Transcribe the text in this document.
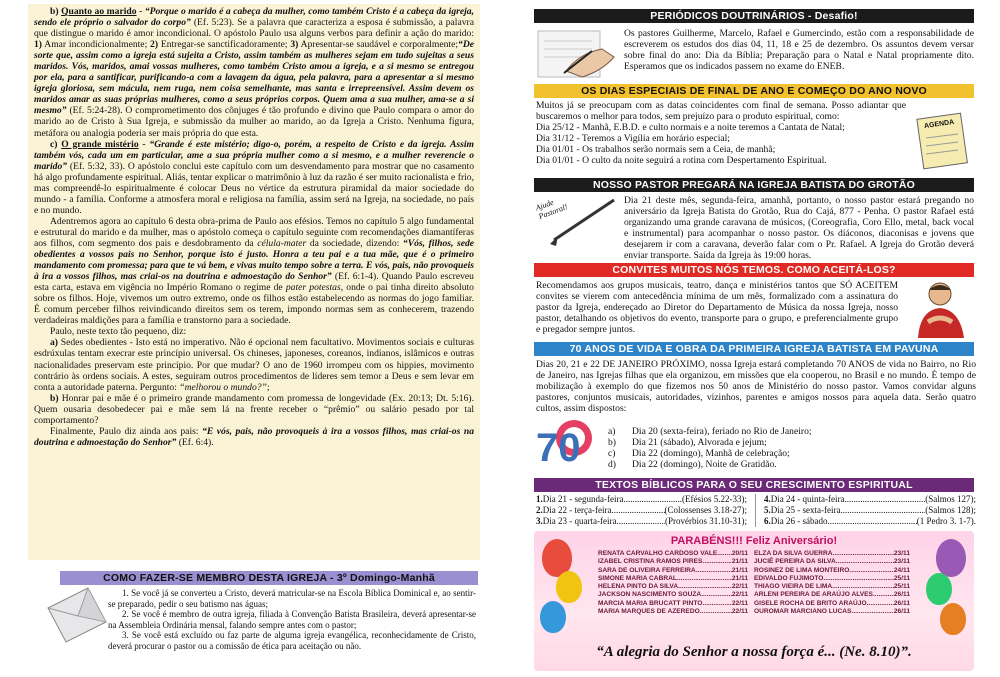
b) Quanto ao marido - “Porque o marido é a cabeça da mulher, como também Cristo é a cabeça da igreja, sendo ele próprio o salvador do corpo” (Ef. 5:23). Se a palavra que caracteriza a esposa é submissão, a palavra que distingue o marido é amor incondicional. O apóstolo Paulo usa alguns verbos para definir a ação do marido: 1) Amar incondicionalmente; 2) Entregar-se sanctificadoramente; 3) Apresentar-se saudável e corporalmente;“De sorte que, assim como a igreja está sujeita a Cristo, assim também as mulheres sejam em tudo sujeitas a seus maridos. Vós, maridos, amai vossas mulheres, como também Cristo amou a igreja, e a si mesmo se entregou por ela, para a santificar, purificando-a com a lavagem da água, pela palavra, para a apresentar a si mesmo igreja gloriosa, sem mácula, nem ruga, nem coisa semelhante, mas santa e irrepreensível. Assim devem os maridos amar as suas próprias mulheres, como a seus próprios corpos. Quem ama a sua mulher, ama-se a si mesmo” (Ef. 5:24-28). O comprometimento dos cônjuges é tão profundo e divino que Paulo compara o amor do marido ao de Cristo à Sua Igreja, e submissão da mulher ao marido, ao da Igreja a Cristo. Nenhuma figura, metáfora ou analogia poderia ser mais própria do que esta.

c) O grande mistério - “Grande é este mistério; digo-o, porém, a respeito de Cristo e da igreja. Assim também vós, cada um em particular, ame a sua própria mulher como a si mesmo, e a mulher reverencie o marido” (Ef. 5:32, 33). O apóstolo conclui este capítulo com um desvendamento para mostrar que no casamento há algo profundamente espiritual. Aliás, tentar explicar o matrimônio à luz da razão é ser muito racionalista e frio, mas compreendê-lo espiritualmente é colocar Deus no vértice da estrutura piramidal da maior sociedade do mundo - a família. Conforme a atmosfera moral e religiosa na família, assim será na Igreja, na sociedade, no país e no mundo.

Adentremos agora ao capítulo 6 desta obra-prima de Paulo aos efésios. Temos no capítulo 5 algo fundamental e estrutural do marido e da mulher, mas o apóstolo começa o capítulo seguinte com recomendações diamantíferas aos filhos, com segmento dos pais e desdobramento da célula-mater da sociedade, dizendo: “Vós, filhos, sede obedientes a vossos pais no Senhor, porque isto é justo. Honra a teu pai e a tua mãe, que é o primeiro mandamento com promessa; para que te vá bem, e vivas muito tempo sobre a terra. E vós, pais, não provoqueis à ira a vossos filhos, mas criai-os na doutrina e admoestação do Senhor” (Ef. 6:1-4). Quando Paulo escreveu esta carta, estava em vigência no Império Romano o regime de pater potestas, onde o pai tinha direito absoluto sobre os filhos. Hoje, vivemos um outro extremo, onde os filhos estão estabelecendo as normas do jogo familiar. É comum perceber filhos reivindicando direitos sem os terem, impondo normas sem as conhecerem, trazendo verdadeiras maldições para a família e transtorno para a sociedade.

Paulo, neste texto tão pequeno, diz:

a) Sedes obedientes - Isto está no imperativo. Não é opcional nem facultativo. Movimentos sociais e culturas esdrúxulas tentam execrar este princípio universal. Os chineses, japoneses, coreanos, indianos, islâmicos e outras nacionalidades preservam este princípio. Por que mudar? O ano de 1960 irrompeu com os hippies, movimento contrário às ordens sociais. A estes, seguiram outros procedimentos de líderes sem temor a Deus e sem levar em conta a autoridade paterna. Pergunto: “melhorou o mundo?”;

b) Honrar pai e mãe é o primeiro grande mandamento com promessa de longevidade (Ex. 20:13; Dt. 5:16). Quem ousaria desobedecer pai e mãe sem lá na frente receber o “prêmio” ou salário pesado por tal comportamento?

Finalmente, Paulo diz ainda aos pais: “E vós, pais, não provoqueis à ira a vossos filhos, mas criai-os na doutrina e admoestação do Senhor” (Ef. 6:4).

COMO FAZER-SE MEMBRO DESTA IGREJA - 3º Domingo-Manhã

1. Se você já se converteu a Cristo, deverá matricular-se na Escola Bíblica Dominical e, ao sentir-se preparado, pedir o seu batismo nas águas;

2. Se você é membro de outra igreja, filiada à Convenção Batista Brasileira, deverá apresentar-se na Assembleia Ordinária mensal, falando sempre antes com o pastor;

3. Se você está excluído ou faz parte de alguma igreja evangélica, reconhecidamente de Cristo, deverá procurar o pastor ou a comissão de ética para aceitação ou não.

PERIÓDICOS DOUTRINÁRIOS - Desafio!
Os pastores Guilherme, Marcelo, Rafael e Gumercindo, estão com a responsabilidade de escreverem os estudos dos dias 04, 11, 18 e 25 de dezembro. Os assuntos devem versar sobre final do ano: Dia da Bíblia; Preparação para o Natal e Natal propriamente dito. Esperamos que os indicados passem no exame do ENEB.
OS DIAS ESPECIAIS DE FINAL DE ANO E COMEÇO DO ANO NOVO
Muitos já se preocupam com as datas coincidentes com final de semana. Posso adiantar que buscaremos o melhor para todos, sem prejuízo para o produto espiritual, como:
Dia 25/12 - Manhã, E.B.D. e culto normais e a noite teremos a Cantata de Natal;
Dia 31/12 - Teremos a Vigília em horário especial;
Dia 01/01 - Os trabalhos serão normais sem a Ceia, de manhã;
Dia 01/01 - O culto da noite seguirá a rotina com Despertamento Espiritual.
AGENDA
NOSSO PASTOR PREGARÁ NA IGREJA BATISTA DO GROTÃO
Ajude Pastoral!
Dia 21 deste mês, segunda-feira, amanhã, portanto, o nosso pastor estará pregando no aniversário da Igreja Batista do Grotão, Rua do Cajá, 877 - Penha. O pastor Rafael está organizando uma grande caravana de músicos, (Coreografia, Coro Ello, metal, back vocal e instrumental) para acompanhar o nosso pastor. Os diáconos, diaconisas e jovens que desejarem ir com a caravana, deverão falar com o Pr. Rafael. A Igreja do Grotão deverá enviar transporte. Saída da Igreja às 19:00 horas.
CONVITES MUITOS NÓS TEMOS. COMO ACEITÁ-LOS?
Recomendamos aos grupos musicais, teatro, dança e ministérios tantos que SÓ ACEITEM convites se vierem com antecedência mínima de um mês, formalizado com a assinatura do pastor da Igreja, endereçado ao Diretor do Departamento de Música da nossa Igreja, nosso pastor, detalhando os objetivos do evento, transporte para o grupo, e preferencialmente grupo e pregador sempre juntos.
70 ANOS DE VIDA E OBRA DA PRIMEIRA IGREJA BATISTA EM PAVUNA
Dias 20, 21 e 22 DE JANEIRO PRÓXIMO, nossa Igreja estará completando 70 ANOS de vida no Bairro, no Rio de Janeiro, nas Igrejas filhas que ela organizou, em missões que ela cooperou, no Brasil e no mundo. É tempo de mobilização à exemplo do que fizemos nos 50 anos de Ministério do nosso pastor. Vamos convidar alguns pastores, conjuntos musicais, autoridades, vizinhos, parentes e amigos nossos para aquela data. Serão quatro cultos, assim dispostos:
70	a)	Dia 20 (sexta-feira), feriado no Rio de Janeiro;
b)	Dia 21 (sábado), Alvorada e jejum;
c)	Dia 22 (domingo), Manhã de celebração;
d)	Dia 22 (domingo), Noite de Gratidão.
TEXTOS BÍBLICOS PARA O SEU CRESCIMENTO ESPIRITUAL
1. Dia 21 - segunda-feira .....	(Efésios 5.22-33);
2. Dia 22 - terça-feira .....	(Colossenses 3.18-27);
3. Dia 23 - quarta-feira .....	(Provérbios 31.10-31);
4. Dia 24 - quinta-feira .....	(Salmos 127);
5. Dia 25 - sexta-feira .....	(Salmos 128);
6. Dia 26 - sábado .....	(1 Pedro 3. 1-7).
PARABÉNS!!! Feliz Aniversário!
RENATA CARVALHO CARDOSO VALE ..... 20/11
IZABEL CRISTINA RAMOS PIRES .....	21/11
SARA DE OLIVEIRA FERREIRA .....	21/11
SIMONE MARIA CABRAL .....	21/11
HELENA PINTO DA SILVA .....	22/11
JACKSON NASCIMENTO SOUZA .....	22/11
MARCIA MARIA BRUCATT PINTO .....	22/11
MARIA MARQUES DE AZEREDO .....	22/11
ELZA DA SILVA GUERRA .....	23/11
JUCIÊ PEREIRA DA SILVA .....	23/11
ROSINEZ DE LIMA MONTEIRO .....	24/11
EDIVALDO FUJIMOTO .....	25/11
THIAGO VIEIRA DE LIMA .....	25/11
ARLENI PEREIRA DE ARAÚJO ALVES .....	26/11
GISELE ROCHA DE BRITO ARAÚJO .....	26/11
OUROMAR MARCIANO LUCAS .....	26/11
“A alegria do Senhor a nossa força é... (Ne. 8.10)”.
